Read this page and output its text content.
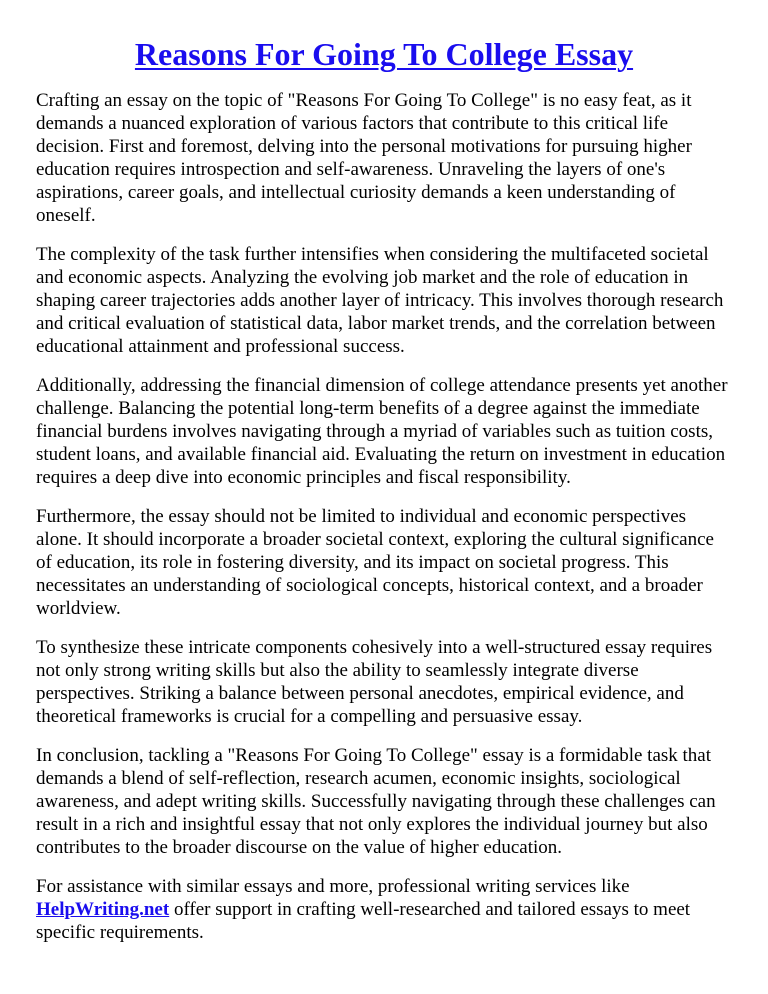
Reasons For Going To College Essay

Crafting an essay on the topic of "Reasons For Going To College" is no easy feat, as it demands a nuanced exploration of various factors that contribute to this critical life decision. First and foremost, delving into the personal motivations for pursuing higher education requires introspection and self-awareness. Unraveling the layers of one's aspirations, career goals, and intellectual curiosity demands a keen understanding of oneself.

The complexity of the task further intensifies when considering the multifaceted societal and economic aspects. Analyzing the evolving job market and the role of education in shaping career trajectories adds another layer of intricacy. This involves thorough research and critical evaluation of statistical data, labor market trends, and the correlation between educational attainment and professional success.

Additionally, addressing the financial dimension of college attendance presents yet another challenge. Balancing the potential long-term benefits of a degree against the immediate financial burdens involves navigating through a myriad of variables such as tuition costs, student loans, and available financial aid. Evaluating the return on investment in education requires a deep dive into economic principles and fiscal responsibility.

Furthermore, the essay should not be limited to individual and economic perspectives alone. It should incorporate a broader societal context, exploring the cultural significance of education, its role in fostering diversity, and its impact on societal progress. This necessitates an understanding of sociological concepts, historical context, and a broader worldview.

To synthesize these intricate components cohesively into a well-structured essay requires not only strong writing skills but also the ability to seamlessly integrate diverse perspectives. Striking a balance between personal anecdotes, empirical evidence, and theoretical frameworks is crucial for a compelling and persuasive essay.

In conclusion, tackling a "Reasons For Going To College" essay is a formidable task that demands a blend of self-reflection, research acumen, economic insights, sociological awareness, and adept writing skills. Successfully navigating through these challenges can result in a rich and insightful essay that not only explores the individual journey but also contributes to the broader discourse on the value of higher education.

For assistance with similar essays and more, professional writing services like HelpWriting.net offer support in crafting well-researched and tailored essays to meet specific requirements.
